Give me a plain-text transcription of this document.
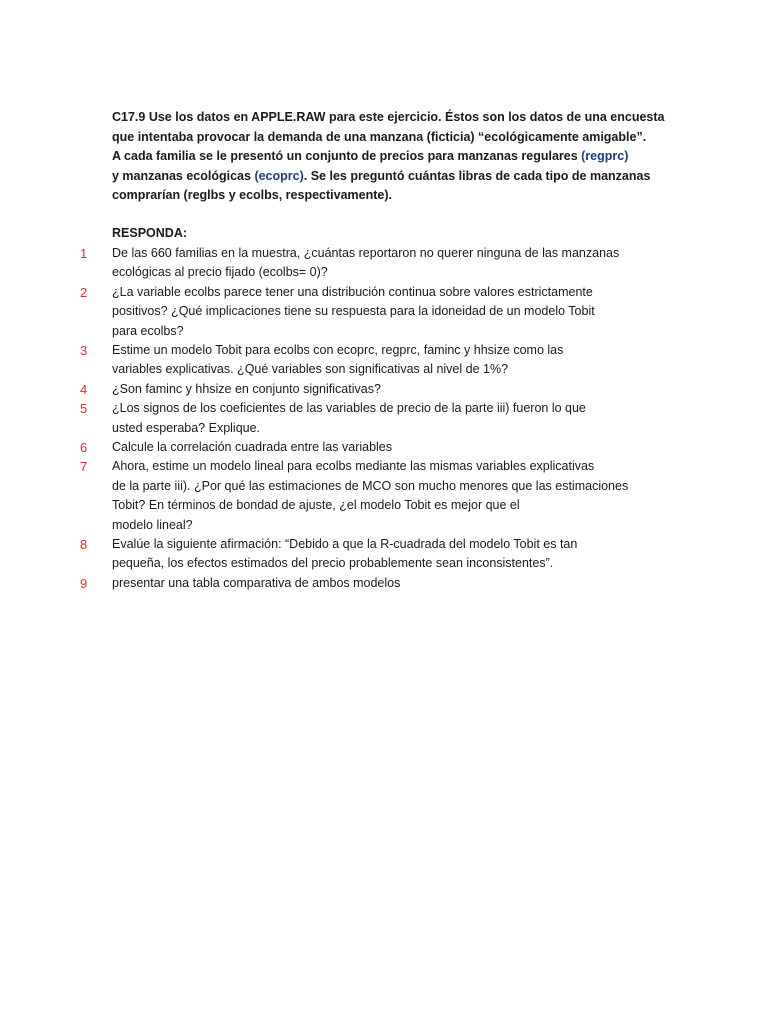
C17.9 Use los datos en APPLE.RAW para este ejercicio. Éstos son los datos de una encuesta
que intentaba provocar la demanda de una manzana (ficticia) “ecológicamente amigable”.
A cada familia se le presentó un conjunto de precios para manzanas regulares (regprc)
y manzanas ecológicas (ecoprc). Se les preguntó cuántas libras de cada tipo de manzanas
comprarían (reglbs y ecolbs, respectivamente).
RESPONDA:
1	De las 660 familias en la muestra, ¿cuántas reportaron no querer ninguna de las manzanas
ecológicas al precio fijado (ecolbs= 0)?
2	¿La variable ecolbs parece tener una distribución continua sobre valores estrictamente
positivos? ¿Qué implicaciones tiene su respuesta para la idoneidad de un modelo Tobit
para ecolbs?
3	Estime un modelo Tobit para ecolbs con ecoprc, regprc, faminc y hhsize como las
variables explicativas. ¿Qué variables son significativas al nivel de 1%?
4	¿Son faminc y hhsize en conjunto significativas?
5	¿Los signos de los coeficientes de las variables de precio de la parte iii) fueron lo que
usted esperaba? Explique.
6	Calcule la correlación cuadrada entre las variables
7	Ahora, estime un modelo lineal para ecolbs mediante las mismas variables explicativas
de la parte iii). ¿Por qué las estimaciones de MCO son mucho menores que las estimaciones
Tobit? En términos de bondad de ajuste, ¿el modelo Tobit es mejor que el
modelo lineal?
8	Evalúe la siguiente afirmación: “Debido a que la R-cuadrada del modelo Tobit es tan
pequeña, los efectos estimados del precio probablemente sean inconsistentes”.
9	presentar una tabla comparativa de ambos modelos
